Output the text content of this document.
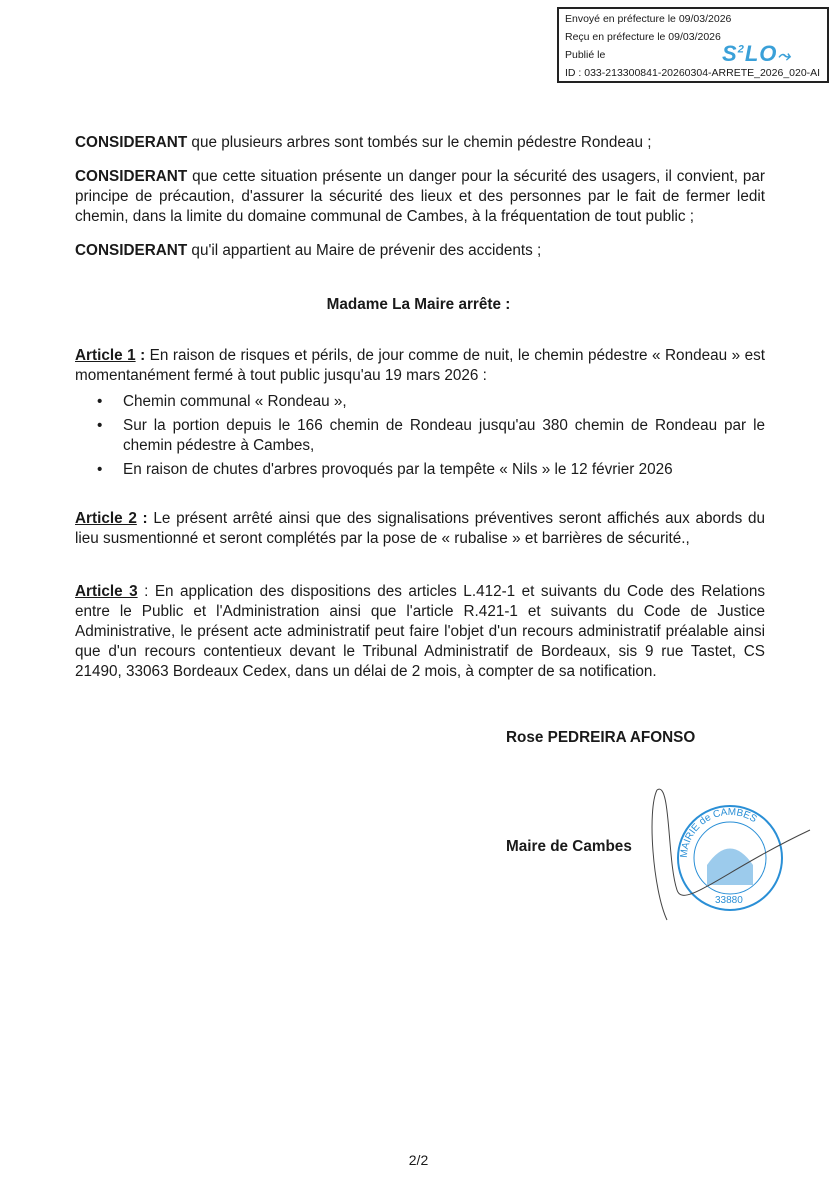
Envoyé en préfecture le 09/03/2026
Reçu en préfecture le 09/03/2026
Publié le
ID : 033-213300841-20260304-ARRETE_2026_020-AI
$S^2LO⤳$
CONSIDERANT que plusieurs arbres sont tombés sur le chemin pédestre Rondeau ;
CONSIDERANT que cette situation présente un danger pour la sécurité des usagers, il convient, par principe de précaution, d'assurer la sécurité des lieux et des personnes par le fait de fermer ledit chemin, dans la limite du domaine communal de Cambes, à la fréquentation de tout public ;
CONSIDERANT qu'il appartient au Maire de prévenir des accidents ;
Madame La Maire arrête :
Article 1 : En raison de risques et périls, de jour comme de nuit, le chemin pédestre « Rondeau » est momentanément fermé à tout public jusqu'au 19 mars 2026 :
• Chemin communal « Rondeau »,
• Sur la portion depuis le 166 chemin de Rondeau jusqu'au 380 chemin de Rondeau par le chemin pédestre à Cambes,
• En raison de chutes d'arbres provoqués par la tempête « Nils » le 12 février 2026
Article 2 : Le présent arrêté ainsi que des signalisations préventives seront affichés aux abords du lieu susmentionné et seront complétés par la pose de « rubalise » et barrières de sécurité.,
Article 3 : En application des dispositions des articles L.412-1 et suivants du Code des Relations entre le Public et l'Administration ainsi que l'article R.421-1 et suivants du Code de Justice Administrative, le présent acte administratif peut faire l'objet d'un recours administratif préalable ainsi que d'un recours contentieux devant le Tribunal Administratif de Bordeaux, sis 9 rue Tastet, CS 21490, 33063 Bordeaux Cedex, dans un délai de 2 mois, à compter de sa notification.
Rose PEDREIRA AFONSO
Maire de Cambes	MAIRIE de CAMBES
33880
2/2
